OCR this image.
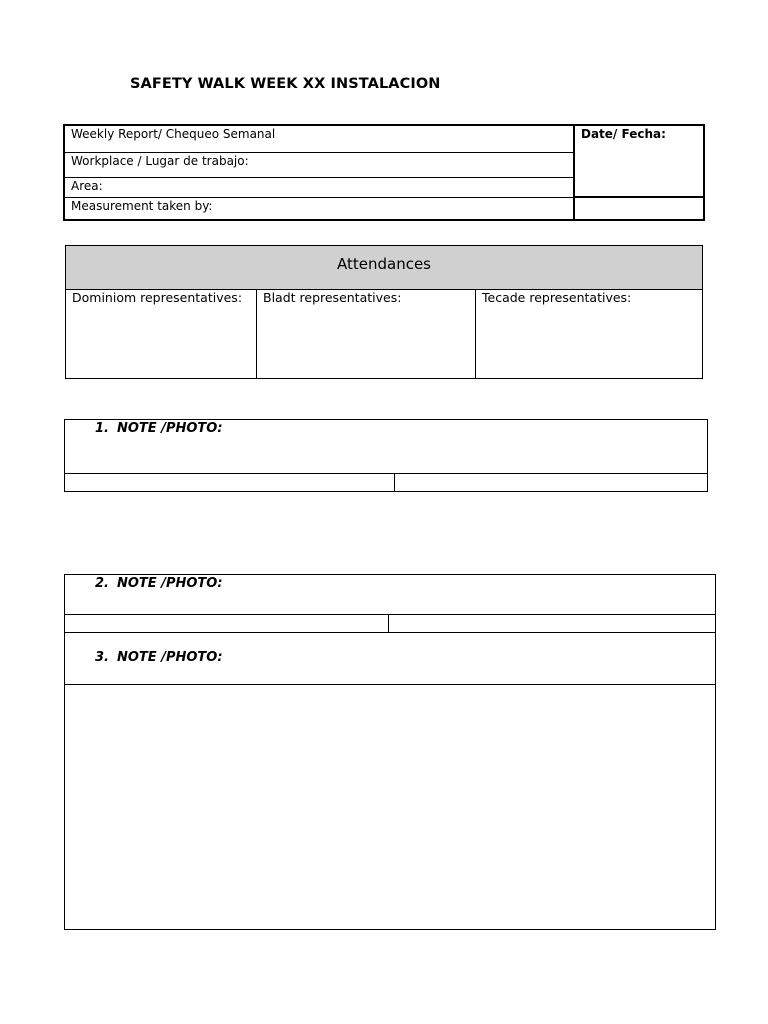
SAFETY WALK WEEK XX INSTALACION
Weekly Report/ Chequeo Semanal
Workplace / Lugar de trabajo:
Area:
Measurement taken by:
Date/ Fecha:
Attendances
Dominiom representatives:	Bladt representatives:	Tecade representatives:
1. NOTE /PHOTO:
2. NOTE /PHOTO:
3. NOTE /PHOTO:
